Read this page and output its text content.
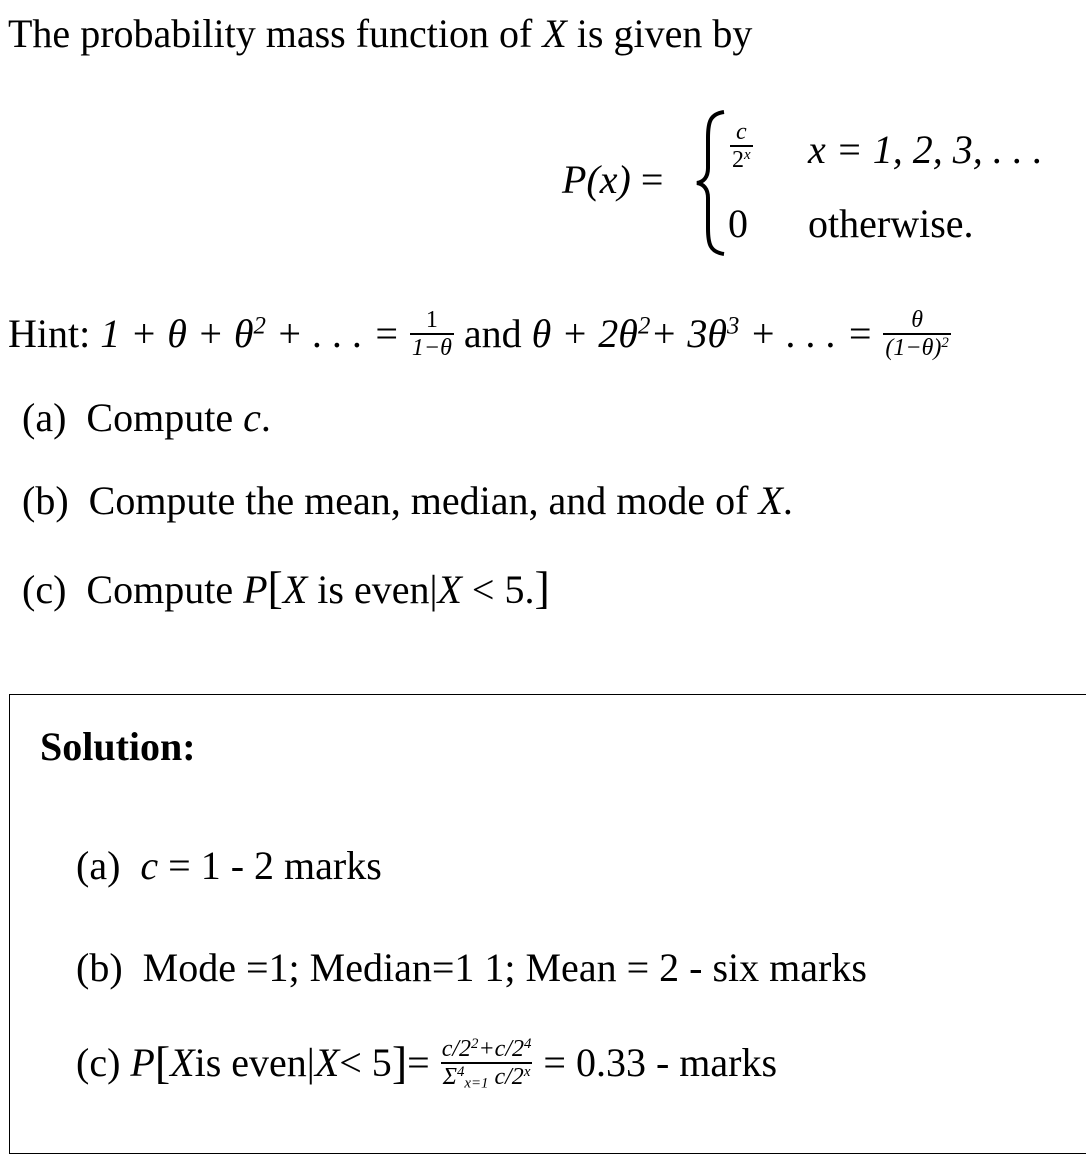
The probability mass function of X is given by
P(x) =
$\frac{c}{2^x}$ x = 1, 2, 3, . . .
0 otherwise.
Hint:
$1 + \theta + \theta^2$
+ . . . =
$\frac{1}{1-\theta}$
and
$\theta + 2\theta^2+ 3\theta^3$
+ . . . =
$\frac{\theta}{(1-\theta)^2}$
(a) Compute c.
(b) Compute the mean, median, and mode of X.
(c) Compute P[X is even|X < 5.]
Solution:
(a) c = 1 - 2 marks
(b) Mode =1; Median=1 1; Mean = 2 - six marks
(c)
P [ X is even| X < 5 ] =
$\frac{c/2^2+c/2^4}{\Sigma^4_{x=1} c/2^x}$
= 0.33 - marks
